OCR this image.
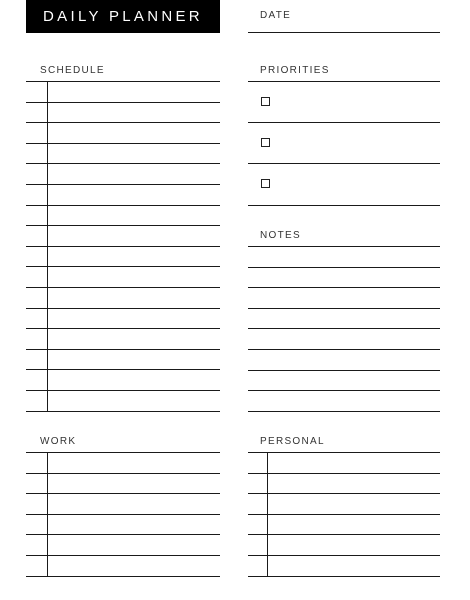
DAILY PLANNER	DATE
SCHEDULE	PRIORITIES
NOTES
WORK	PERSONAL
